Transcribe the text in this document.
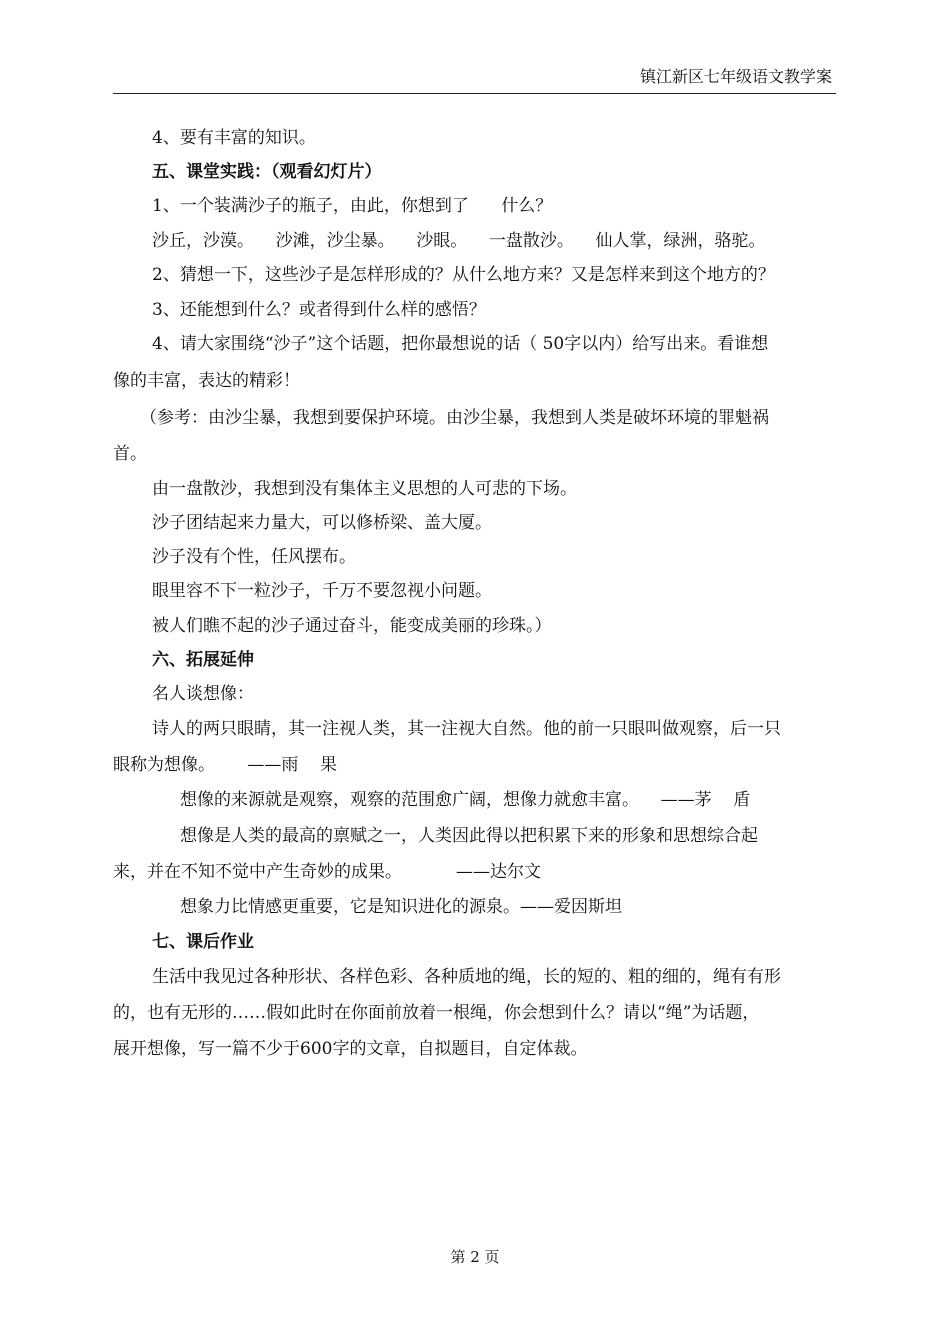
镇江新区七年级语文教学案
4、要有丰富的知识。
五、课堂实践：（观看幻灯片）
1、一个装满沙子的瓶子，由此，你想到了      什么？
沙丘，沙漠。    沙滩，沙尘暴。    沙眼。    一盘散沙。    仙人掌，绿洲，骆驼。
2、猜想一下，这些沙子是怎样形成的？从什么地方来？又是怎样来到这个地方的？
3、还能想到什么？或者得到什么样的感悟？
4、请大家围绕“沙子”这个话题，把你最想说的话（ 50字以内）给写出来。看谁想
像的丰富，表达的精彩！
（参考：由沙尘暴，我想到要保护环境。由沙尘暴，我想到人类是破坏环境的罪魁祸
首。
由一盘散沙，我想到没有集体主义思想的人可悲的下场。
沙子团结起来力量大，可以修桥梁、盖大厦。
沙子没有个性，任风摆布。
眼里容不下一粒沙子，千万不要忽视小问题。
被人们瞧不起的沙子通过奋斗，能变成美丽的珍珠。）
六、拓展延伸
名人谈想像：
诗人的两只眼睛，其一注视人类，其一注视大自然。他的前一只眼叫做观察，后一只
眼称为想像。      ——雨    果
想像的来源就是观察，观察的范围愈广阔，想像力就愈丰富。    ——茅    盾
想像是人类的最高的禀赋之一，人类因此得以把积累下来的形象和思想综合起
来，并在不知不觉中产生奇妙的成果。          ——达尔文
想象力比情感更重要，它是知识进化的源泉。——爱因斯坦
七、课后作业
生活中我见过各种形状、各样色彩、各种质地的绳，长的短的、粗的细的，绳有有形
的，也有无形的……假如此时在你面前放着一根绳，你会想到什么？请以“绳”为话题，
展开想像，写一篇不少于600字的文章，自拟题目，自定体裁。
第 2 页
